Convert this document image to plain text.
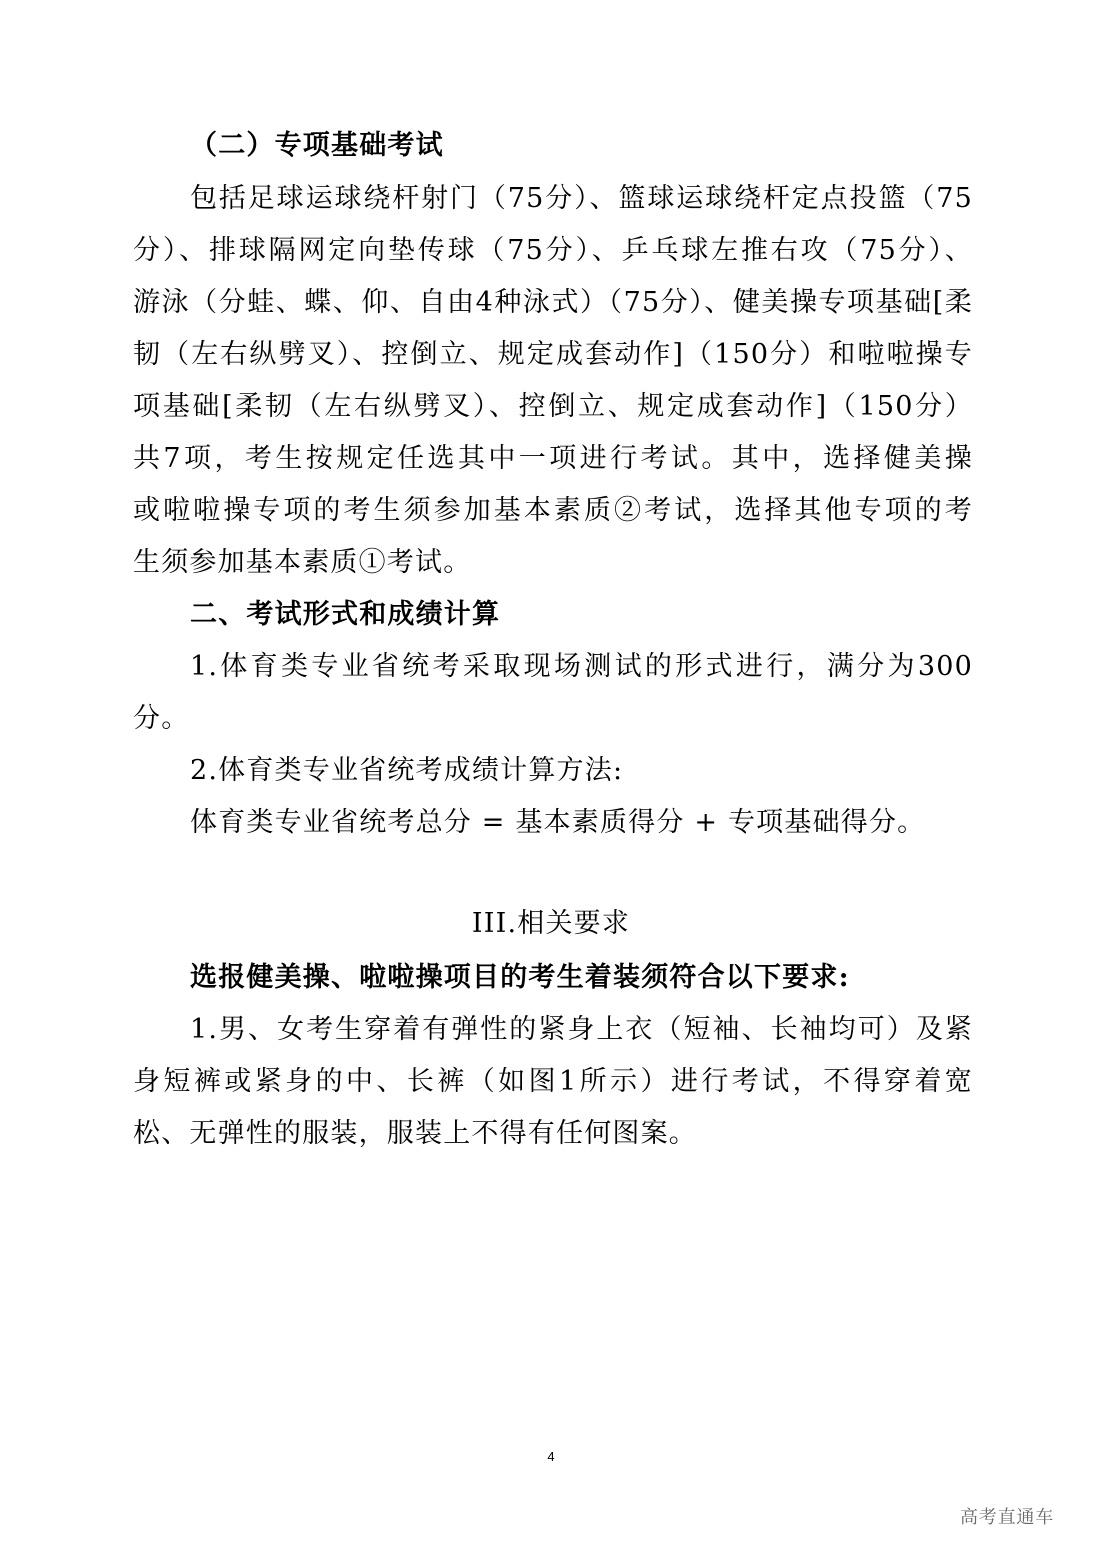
（二）专项基础考试
包括足球运球绕杆射门（75分）、篮球运球绕杆定点投篮（75
分）、排球隔网定向垫传球（75分）、乒乓球左推右攻（75分）、
游泳（分蛙、蝶、仰、自由4种泳式）（75分）、健美操专项基础[柔
韧（左右纵劈叉）、控倒立、规定成套动作]（150分）和啦啦操专
项基础[柔韧（左右纵劈叉）、控倒立、规定成套动作]（150分）
共7项，考生按规定任选其中一项进行考试。其中，选择健美操
或啦啦操专项的考生须参加基本素质②考试，选择其他专项的考
生须参加基本素质①考试。
二、考试形式和成绩计算
1.体育类专业省统考采取现场测试的形式进行，满分为300
分。
2.体育类专业省统考成绩计算方法:
体育类专业省统考总分 = 基本素质得分 + 专项基础得分。
III.相关要求
选报健美操、啦啦操项目的考生着装须符合以下要求:
1.男、女考生穿着有弹性的紧身上衣（短袖、长袖均可）及紧
身短裤或紧身的中、长裤（如图1所示）进行考试，不得穿着宽
松、无弹性的服装，服装上不得有任何图案。
4
高考直通车
